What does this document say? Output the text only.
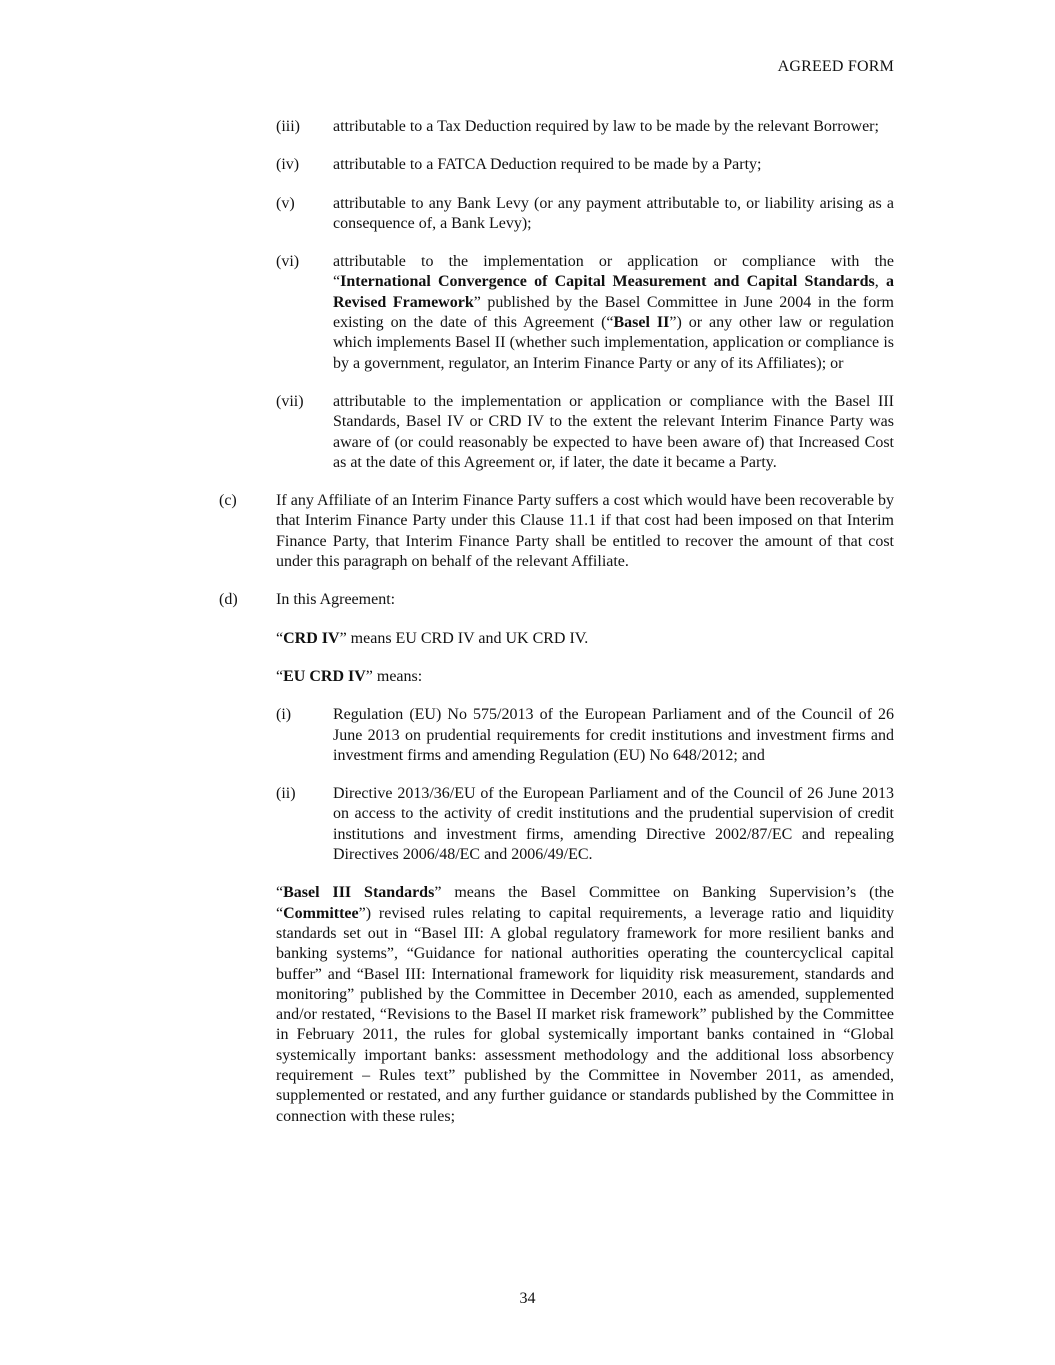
AGREED FORM
(iii)	attributable to a Tax Deduction required by law to be made by the relevant Borrower;
(iv)	attributable to a FATCA Deduction required to be made by a Party;
(v)	attributable to any Bank Levy (or any payment attributable to, or liability arising as a consequence of, a Bank Levy);
(vi)	attributable to the implementation or application or compliance with the “International Convergence of Capital Measurement and Capital Standards, a Revised Framework” published by the Basel Committee in June 2004 in the form existing on the date of this Agreement (“Basel II”) or any other law or regulation which implements Basel II (whether such implementation, application or compliance is by a government, regulator, an Interim Finance Party or any of its Affiliates); or
(vii)	attributable to the implementation or application or compliance with the Basel III Standards, Basel IV or CRD IV to the extent the relevant Interim Finance Party was aware of (or could reasonably be expected to have been aware of) that Increased Cost as at the date of this Agreement or, if later, the date it became a Party.
(c)	If any Affiliate of an Interim Finance Party suffers a cost which would have been recoverable by that Interim Finance Party under this Clause 11.1 if that cost had been imposed on that Interim Finance Party, that Interim Finance Party shall be entitled to recover the amount of that cost under this paragraph on behalf of the relevant Affiliate.
(d)	In this Agreement:
“CRD IV” means EU CRD IV and UK CRD IV.
“EU CRD IV” means:
(i)	Regulation (EU) No 575/2013 of the European Parliament and of the Council of 26 June 2013 on prudential requirements for credit institutions and investment firms and investment firms and amending Regulation (EU) No 648/2012; and
(ii)	Directive 2013/36/EU of the European Parliament and of the Council of 26 June 2013 on access to the activity of credit institutions and the prudential supervision of credit institutions and investment firms, amending Directive 2002/87/EC and repealing Directives 2006/48/EC and 2006/49/EC.
“Basel III Standards” means the Basel Committee on Banking Supervision’s (the “Committee”) revised rules relating to capital requirements, a leverage ratio and liquidity standards set out in “Basel III: A global regulatory framework for more resilient banks and banking systems”, “Guidance for national authorities operating the countercyclical capital buffer” and “Basel III: International framework for liquidity risk measurement, standards and monitoring” published by the Committee in December 2010, each as amended, supplemented and/or restated, “Revisions to the Basel II market risk framework” published by the Committee in February 2011, the rules for global systemically important banks contained in “Global systemically important banks: assessment methodology and the additional loss absorbency requirement – Rules text” published by the Committee in November 2011, as amended, supplemented or restated, and any further guidance or standards published by the Committee in connection with these rules;
34
